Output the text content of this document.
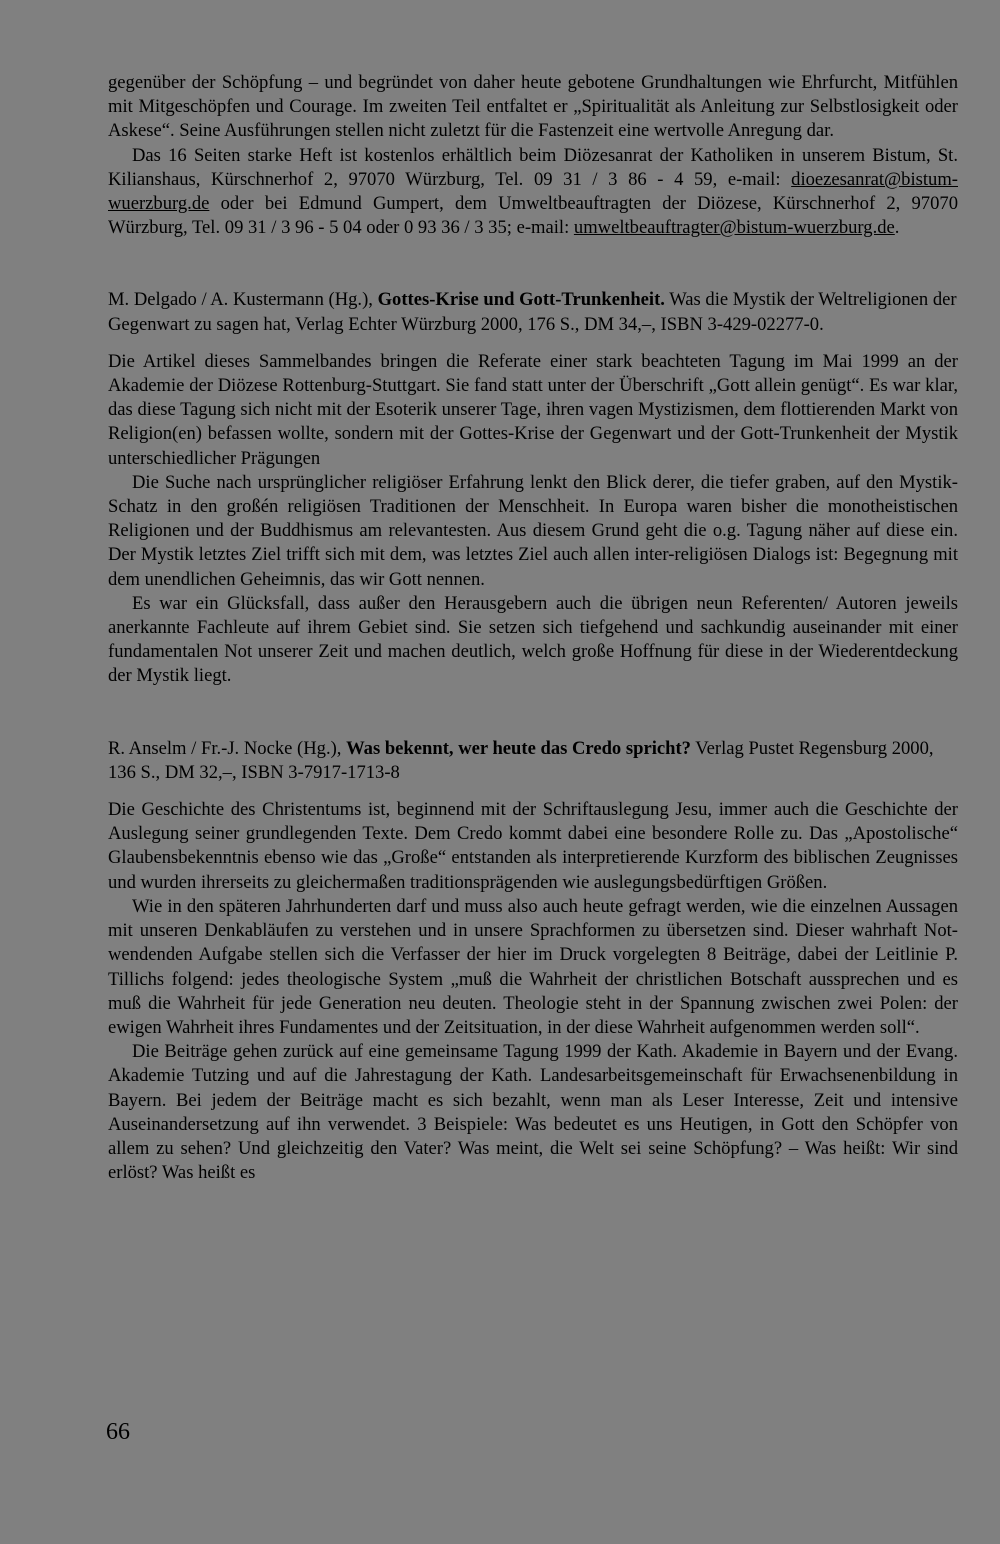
gegenüber der Schöpfung – und begründet von daher heute gebotene Grundhaltungen wie Ehrfurcht, Mitfühlen mit Mitgeschöpfen und Courage. Im zweiten Teil entfaltet er „Spiritualität als Anleitung zur Selbstlosigkeit oder Askese“. Seine Ausführungen stellen nicht zuletzt für die Fastenzeit eine wertvolle Anregung dar.

Das 16 Seiten starke Heft ist kostenlos erhältlich beim Diözesanrat der Katholiken in unserem Bistum, St. Kilianshaus, Kürschnerhof 2, 97070 Würzburg, Tel. 09 31 / 3 86 - 4 59, e-mail: dioezesanrat@bistum-wuerzburg.de oder bei Edmund Gumpert, dem Umweltbeauftragten der Diözese, Kürschnerhof 2, 97070 Würzburg, Tel. 09 31 / 3 96 - 5 04 oder 0 93 36 / 3 35; e-mail: umweltbeauftragter@bistum-wuerzburg.de.

M. Delgado / A. Kustermann (Hg.), Gottes-Krise und Gott-Trunkenheit. Was die Mystik der Weltreligionen der Gegenwart zu sagen hat, Verlag Echter Würzburg 2000, 176 S., DM 34,–, ISBN 3-429-02277-0.

Die Artikel dieses Sammelbandes bringen die Referate einer stark beachteten Tagung im Mai 1999 an der Akademie der Diözese Rottenburg-Stuttgart. Sie fand statt unter der Überschrift „Gott allein genügt“. Es war klar, das diese Tagung sich nicht mit der Esoterik unserer Tage, ihren vagen Mystizismen, dem flottierenden Markt von Religion(en) befassen wollte, sondern mit der Gottes-Krise der Gegenwart und der Gott-Trunkenheit der Mystik unterschiedlicher Prägungen

Die Suche nach ursprünglicher religiöser Erfahrung lenkt den Blick derer, die tiefer graben, auf den Mystik-Schatz in den großén religiösen Traditionen der Menschheit. In Europa waren bisher die monotheistischen Religionen und der Buddhismus am relevantesten. Aus diesem Grund geht die o.g. Tagung näher auf diese ein. Der Mystik letztes Ziel trifft sich mit dem, was letztes Ziel auch allen inter-religiösen Dialogs ist: Begegnung mit dem unendlichen Geheimnis, das wir Gott nennen.

Es war ein Glücksfall, dass außer den Herausgebern auch die übrigen neun Referenten/ Autoren jeweils anerkannte Fachleute auf ihrem Gebiet sind. Sie setzen sich tiefgehend und sachkundig auseinander mit einer fundamentalen Not unserer Zeit und machen deutlich, welch große Hoffnung für diese in der Wiederentdeckung der Mystik liegt.

R. Anselm / Fr.-J. Nocke (Hg.), Was bekennt, wer heute das Credo spricht? Verlag Pustet Regensburg 2000, 136 S., DM 32,–, ISBN 3-7917-1713-8

Die Geschichte des Christentums ist, beginnend mit der Schriftauslegung Jesu, immer auch die Geschichte der Auslegung seiner grundlegenden Texte. Dem Credo kommt dabei eine besondere Rolle zu. Das „Apostolische“ Glaubensbekenntnis ebenso wie das „Große“ entstanden als interpretierende Kurzform des biblischen Zeugnisses und wurden ihrerseits zu gleichermaßen traditionsprägenden wie auslegungsbedürftigen Größen.

Wie in den späteren Jahrhunderten darf und muss also auch heute gefragt werden, wie die einzelnen Aussagen mit unseren Denkabläufen zu verstehen und in unsere Sprachformen zu übersetzen sind. Dieser wahrhaft Not-wendenden Aufgabe stellen sich die Verfasser der hier im Druck vorgelegten 8 Beiträge, dabei der Leitlinie P. Tillichs folgend: jedes theologische System „muß die Wahrheit der christlichen Botschaft aussprechen und es muß die Wahrheit für jede Generation neu deuten. Theologie steht in der Spannung zwischen zwei Polen: der ewigen Wahrheit ihres Fundamentes und der Zeitsituation, in der diese Wahrheit aufgenommen werden soll“.

Die Beiträge gehen zurück auf eine gemeinsame Tagung 1999 der Kath. Akademie in Bayern und der Evang. Akademie Tutzing und auf die Jahrestagung der Kath. Landesarbeitsgemeinschaft für Erwachsenenbildung in Bayern. Bei jedem der Beiträge macht es sich bezahlt, wenn man als Leser Interesse, Zeit und intensive Auseinandersetzung auf ihn verwendet. 3 Beispiele: Was bedeutet es uns Heutigen, in Gott den Schöpfer von allem zu sehen? Und gleichzeitig den Vater? Was meint, die Welt sei seine Schöpfung? – Was heißt: Wir sind erlöst? Was heißt es

66
